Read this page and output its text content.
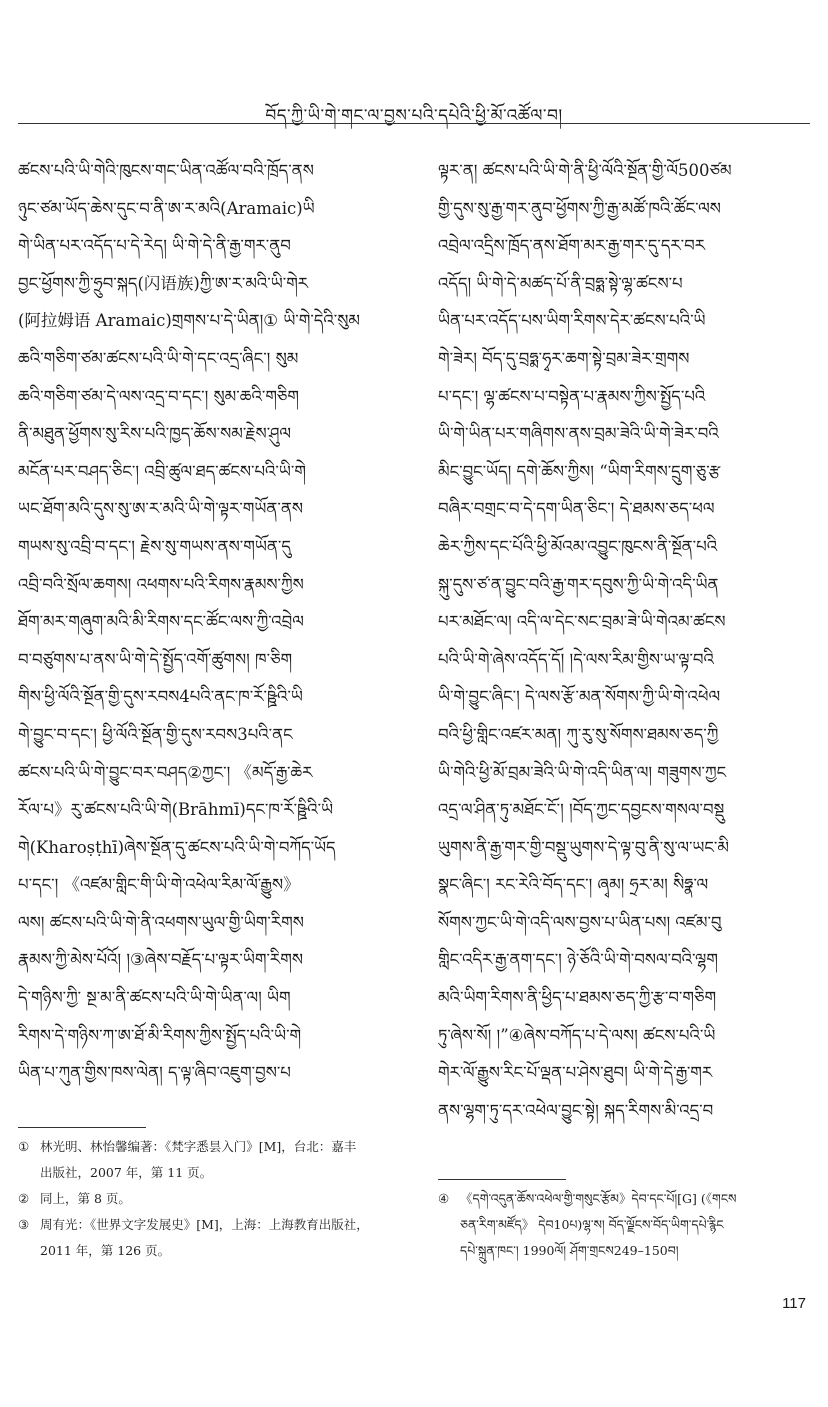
བོད་ཀྱི་ཡི་གེ་གང་ལ་བྱས་པའི་དཔེའི་ཕྱི་མོ་འཚོལ་བ།
ཚངས་པའི་ཡི་གེའི་ཁུངས་གང་ཡིན་འཚོལ་བའི་ཁྲོད་ནས
ཉུང་ཙམ་ཡོད་ཆེས་དུང་བ་ནི་ཨ་ར་མའི(Aramaic)ཡི
གེ་ཡིན་པར་འདོད་པ་དེ་རེད། ཡི་གེ་དེ་ནི་རྒྱ་གར་ནུབ
བྱང་ཕྱོགས་ཀྱི་ཧྲུབ་སྐད(闪语族)ཀྱི་ཨ་ར་མའི་ཡི་གེར
(阿拉姆语 Aramaic)གྲགས་པ་དེ་ཡིན།① ཡི་གེ་དེའི་སུམ
ཆའི་གཅིག་ཙམ་ཚངས་པའི་ཡི་གེ་དང་འདྲ་ཞིང་། སུམ
ཆའི་གཅིག་ཙམ་དེ་ལས་འདྲ་བ་དང་། སུམ་ཆའི་གཅིག
ནི་མཐུན་ཕྱོགས་སུ་རིས་པའི་ཁྱད་ཆོས་སམ་རྗེས་ཤུལ
མངོན་པར་བཤད་ཅིང་། འབྲི་ཚུལ་ཐད་ཚངས་པའི་ཡི་གེ
ཡང་ཐོག་མའི་དུས་སུ་ཨ་ར་མའི་ཡི་གེ་ལྟར་གཡོན་ནས
གཡས་སུ་འབྲི་བ་དང་། རྗེས་སུ་གཡས་ནས་གཡོན་དུ
འབྲི་བའི་སྲོལ་ཆགས། འཕགས་པའི་རིགས་རྣམས་ཀྱིས
ཐོག་མར་གཞུག་མའི་མི་རིགས་དང་ཚོང་ལས་ཀྱི་འབྲེལ
བ་བཙུགས་པ་ནས་ཡི་གེ་དེ་སྤྱོད་འགོ་ཚུགས། ཁ་ཅིག
གིས་ཕྱི་ལོའི་སྔོན་གྱི་དུས་རབས4པའི་ནང་ཁ་རོ་ཥྛིའི་ཡི
གེ་བྱུང་བ་དང་། ཕྱི་ལོའི་སྔོན་གྱི་དུས་རབས3པའི་ནང
ཚངས་པའི་ཡི་གེ་བྱུང་བར་བཤད②ཀྱང་། 《མདོ་རྒྱ་ཆེར
རོལ་པ》རུ་ཚངས་པའི་ཡི་གེ(Brāhmī)དང་ཁ་རོ་ཥྛིའི་ཡི
གེ(Kharoṣṭhī)ཞེས་སྔོན་དུ་ཚངས་པའི་ཡི་གེ་བཀོད་ཡོད
པ་དང་། 《འཛམ་གླིང་གི་ཡི་གེ་འཕེལ་རིམ་ལོ་རྒྱུས》
ལས། ཚངས་པའི་ཡི་གེ་ནི་འཕགས་ཡུལ་གྱི་ཡིག་རིགས
རྣམས་ཀྱི་མེས་པོའོ། །③ཞེས་བརྗོད་པ་ལྟར་ཡིག་རིགས
དེ་གཉིས་ཀྱི་ སྔ་མ་ནི་ཚངས་པའི་ཡི་གེ་ཡིན་ལ། ཡིག
རིགས་དེ་གཉིས་ཀ་ཨ་ཐོ་མི་རིགས་ཀྱིས་སྤྱོད་པའི་ཡི་གེ
ཡིན་པ་ཀུན་གྱིས་ཁས་ལེན། ད་ལྟ་ཞིབ་འཇུག་བྱས་པ
ལྟར་ན། ཚངས་པའི་ཡི་གེ་ནི་ཕྱི་ལོའི་སྔོན་གྱི་ལོ500ཙམ
གྱི་དུས་སུ་རྒྱ་གར་ནུབ་ཕྱོགས་ཀྱི་རྒྱ་མཚོ་ཁའི་ཚོང་ལས
འབྲེལ་འདྲིས་ཁྲོད་ནས་ཐོག་མར་རྒྱ་གར་དུ་དར་བར
འདོད། ཡི་གེ་དེ་མཚད་པོ་ནི་བྲཧྨ་སྟེ་ལྷ་ཚངས་པ
ཡིན་པར་འདོད་པས་ཡིག་རིགས་དེར་ཚངས་པའི་ཡི
གེ་ཟེར། བོད་དུ་བྲཧྨ་ཧྭར་ཆག་སྟེ་བྲམ་ཟེར་གྲགས
པ་དང་། ལྷ་ཚངས་པ་བསྟེན་པ་རྣམས་ཀྱིས་སྤྱོད་པའི
ཡི་གེ་ཡིན་པར་གཞིགས་ནས་བྲམ་ཟེའི་ཡི་གེ་ཟེར་བའི
མིང་བྱུང་ཡོད། དགེ་ཆོས་ཀྱིས། “ཡིག་རིགས་དྲུག་ཅུ་རྩ
བཞིར་བགྲང་བ་དེ་དག་ཡིན་ཅིང་། དེ་ཐམས་ཅད་ཕལ
ཆེར་ཀྱིས་དང་པོའི་ཕྱི་མོའམ་འབྱུང་ཁུངས་ནི་སྔོན་པའི
སྐུ་དུས་ཙ་ན་བྱུང་བའི་རྒྱ་གར་དབུས་ཀྱི་ཡི་གེ་འདི་ཡིན
པར་མཐོང་ལ། འདི་ལ་དེང་སང་བྲམ་ཟེ་ཡི་གེའམ་ཚངས
པའི་ཡི་གེ་ཞེས་འདོད་དོ། །དེ་ལས་རིམ་གྱིས་ཡ་ལྟ་བའི
ཡི་གེ་བྱུང་ཞིང་། དེ་ལས་རྩོ་མན་སོགས་ཀྱི་ཡི་གེ་འཕེལ
བའི་ཕྱི་གླིང་འཛར་མན། ཀུ་རུ་སུ་སོགས་ཐམས་ཅད་ཀྱི
ཡི་གེའི་ཕྱི་མོ་བྲམ་ཟེའི་ཡི་གེ་འདི་ཡིན་ལ། གཟུགས་ཀྱང
འདྲ་ལ་ཤིན་ཏུ་མཐོང་ངོ་། །བོད་ཀྱང་དབྱངས་གསལ་བསྡུ
ཡུགས་ནི་རྒྱ་གར་གྱི་བསྡུ་ཡུགས་དེ་ལྟ་བུ་ནི་སུ་ལ་ཡང་མི
སྣང་ཞིང་། རང་རེའི་བོད་དང་། ཞྭམ། ཧྲར་མ། སིཧྣ་ལ
སོགས་ཀྱང་ཡི་གེ་འདི་ལས་བྱས་པ་ཡིན་པས། འཛམ་བུ
གླིང་འདིར་རྒྱ་ནག་དང་། ཉེ་ཅོའི་ཡི་གེ་བསལ་བའི་ལྷག
མའི་ཡིག་རིགས་ནི་ཕྱིད་པ་ཐམས་ཅད་ཀྱི་རྩ་བ་གཅིག
ཏུ་ཞེས་སོ། །”④ཞེས་བཀོད་པ་དེ་ལས། ཚངས་པའི་ཡི
གེར་ལོ་རྒྱུས་རིང་པོ་ལྡན་པ་ཤེས་ཐུབ། ཡི་གེ་དེ་རྒྱ་གར
ནས་ལྷག་ཏུ་དར་འཕེལ་བྱུང་སྟེ། སྐད་རིགས་མི་འདྲ་བ
① 林光明、林怡馨编著：《梵字悉昙入门》[M]，台北：嘉丰
出版社，2007 年，第 11 页。
② 同上，第 8 页。
③ 周有光：《世界文字发展史》[M]，上海：上海教育出版社，
2011 年，第 126 页。
④ 《དགེ་འདུན་ཆོས་འཕེལ་གྱི་གསུང་རྩོམ》དེབ་དང་པོ།[G] (《གངས
ཅན་རིག་མཛོད》 དེབ10པ)ལྷ་ས། བོད་ལྗོངས་བོད་ཡིག་དཔེ་རྙིང
དཔེ་སྐྲུན་ཁང་། 1990ལོ། ཤོག་གྲངས249–150བ།
117
